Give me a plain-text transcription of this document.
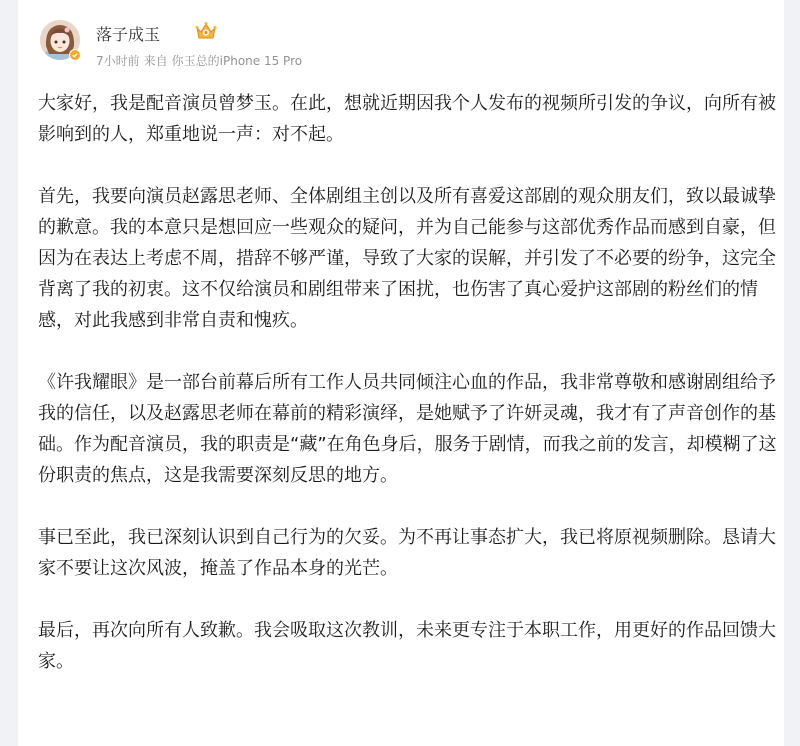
落子成玉
7小时前 来自 你玉总的iPhone 15 Pro

大家好，我是配音演员曾梦玉。在此，想就近期因我个人发布的视频所引发的争议，向所有被影响到的人，郑重地说一声：对不起。

首先，我要向演员赵露思老师、全体剧组主创以及所有喜爱这部剧的观众朋友们，致以最诚挚的歉意。我的本意只是想回应一些观众的疑问，并为自己能参与这部优秀作品而感到自豪，但因为在表达上考虑不周，措辞不够严谨，导致了大家的误解，并引发了不必要的纷争，这完全背离了我的初衷。这不仅给演员和剧组带来了困扰，也伤害了真心爱护这部剧的粉丝们的情感，对此我感到非常自责和愧疚。

《许我耀眼》是一部台前幕后所有工作人员共同倾注心血的作品，我非常尊敬和感谢剧组给予我的信任，以及赵露思老师在幕前的精彩演绎，是她赋予了许妍灵魂，我才有了声音创作的基础。作为配音演员，我的职责是“藏”在角色身后，服务于剧情，而我之前的发言，却模糊了这份职责的焦点，这是我需要深刻反思的地方。

事已至此，我已深刻认识到自己行为的欠妥。为不再让事态扩大，我已将原视频删除。恳请大家不要让这次风波，掩盖了作品本身的光芒。

最后，再次向所有人致歉。我会吸取这次教训，未来更专注于本职工作，用更好的作品回馈大家。
